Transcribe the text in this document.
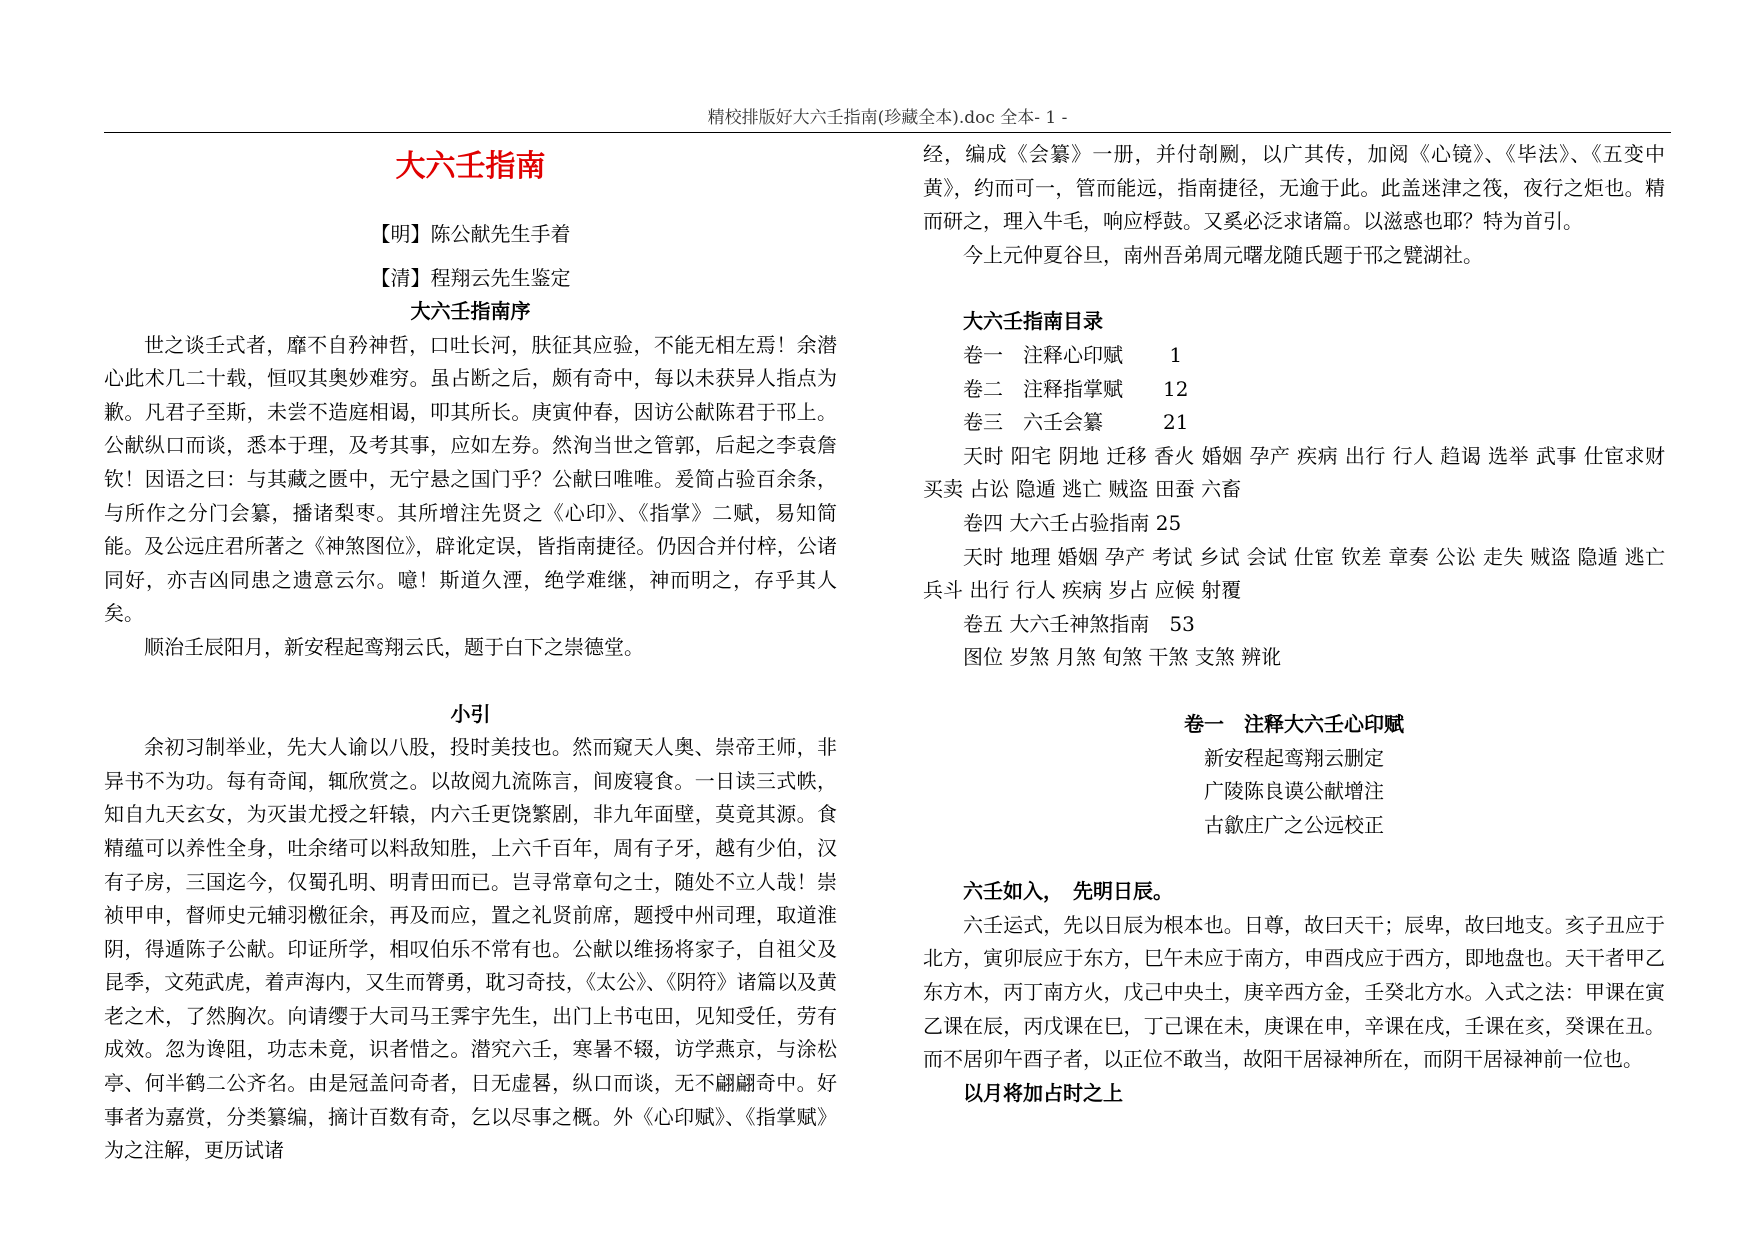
精校排版好大六壬指南(珍藏全本).doc 全本- 1 -
大六壬指南
【明】陈公献先生手着
【清】程翔云先生鉴定
大六壬指南序

世之谈壬式者，靡不自矜神哲，口吐长河，肤征其应验，不能无相左焉！余潜心此术几二十载，恒叹其奥妙难穷。虽占断之后，颇有奇中，每以未获异人指点为歉。凡君子至斯，未尝不造庭相谒，叩其所长。庚寅仲春，因访公献陈君于邗上。公献纵口而谈，悉本于理，及考其事，应如左券。然洵当世之管郭，后起之李袁詹钦！因语之曰：与其藏之匮中，无宁悬之国门乎？公献曰唯唯。爰简占验百余条，与所作之分门会纂，播诸梨枣。其所增注先贤之《心印》、《指掌》二赋，易知简能。及公远庄君所著之《神煞图位》，辟讹定误，皆指南捷径。仍因合并付梓，公诸同好，亦吉凶同患之遗意云尔。噫！斯道久湮，绝学难继，神而明之，存乎其人矣。

顺治壬辰阳月，新安程起鸾翔云氏，题于白下之崇德堂。

小引

余初习制举业，先大人谕以八股，投时美技也。然而窥天人奥、崇帝王师，非异书不为功。每有奇闻，辄欣赏之。以故阅九流陈言，间废寝食。一日读三式帙，知自九天玄女，为灭蚩尤授之轩辕，内六壬更饶繁剧，非九年面壁，莫竟其源。食精蕴可以养性全身，吐余绪可以料敌知胜，上六千百年，周有子牙，越有少伯，汉有子房，三国迄今，仅蜀孔明、明青田而已。岂寻常章句之士，随处不立人哉！崇祯甲申，督师史元辅羽檄征余，再及而应，置之礼贤前席，题授中州司理，取道淮阴，得遁陈子公献。印证所学，相叹伯乐不常有也。公献以维扬将家子，自祖父及昆季，文苑武虎，着声海内，又生而膂勇，耽习奇技，《太公》、《阴符》诸篇以及黄老之术，了然胸次。向请缨于大司马王霁宇先生，出门上书屯田，见知受任，劳有成效。忽为谗阻，功志未竟，识者惜之。潜究六壬，寒暑不辍，访学燕京，与涂松亭、何半鹤二公齐名。由是冠盖问奇者，日无虚晷，纵口而谈，无不翩翩奇中。好事者为嘉赏，分类纂编，摘计百数有奇，乞以尽事之概。外《心印赋》、《指掌赋》为之注解，更历试诸

经，编成《会纂》一册，并付剞劂，以广其传，加阅《心镜》、《毕法》、《五变中黄》，约而可一，管而能远，指南捷径，无逾于此。此盖迷津之筏，夜行之炬也。精而研之，理入牛毛，响应桴鼓。又奚必泛求诸篇。以滋惑也耶？特为首引。

今上元仲夏谷旦，南州吾弟周元曙龙随氏题于邗之甓湖社。

大六壬指南目录

卷一　注释心印赋　　 1

卷二　注释指掌赋　　12

卷三　六壬会纂　　　21

天时 阳宅 阴地 迁移 香火 婚姻 孕产 疾病 出行 行人 趋谒 选举 武事 仕宦求财 买卖 占讼 隐遁 逃亡 贼盗 田蚕 六畜

卷四 大六壬占验指南 25

天时 地理 婚姻 孕产 考试 乡试 会试 仕宦 钦差 章奏 公讼 走失 贼盗 隐遁 逃亡 兵斗 出行 行人 疾病 岁占 应候 射覆

卷五 大六壬神煞指南　53

图位 岁煞 月煞 旬煞 干煞 支煞 辨讹

卷一　注释大六壬心印赋
新安程起鸾翔云删定
广陵陈良谟公献增注
古歙庄广之公远校正

六壬如入，　先明日辰。

六壬运式，先以日辰为根本也。日尊，故曰天干；辰卑，故曰地支。亥子丑应于北方，寅卯辰应于东方，巳午未应于南方，申酉戌应于西方，即地盘也。天干者甲乙东方木，丙丁南方火，戊己中央土，庚辛西方金，壬癸北方水。入式之法：甲课在寅乙课在辰，丙戊课在巳，丁己课在未，庚课在申，辛课在戌，壬课在亥，癸课在丑。而不居卯午酉子者，以正位不敢当，故阳干居禄神所在，而阴干居禄神前一位也。

以月将加占时之上
